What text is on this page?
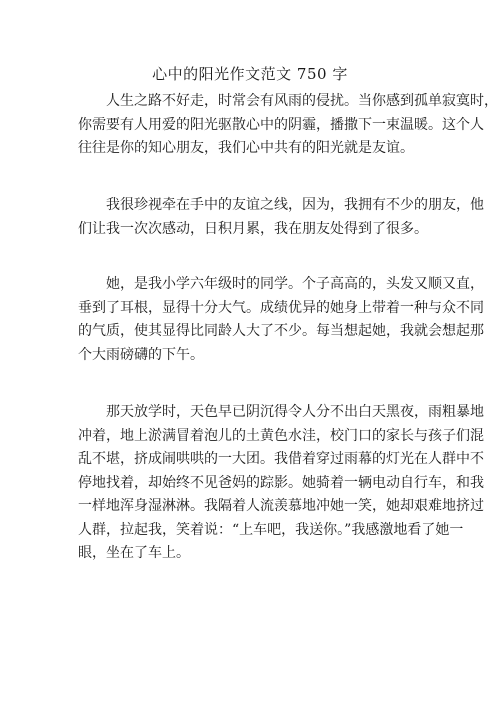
心中的阳光作文范文 750 字
人生之路不好走，时常会有风雨的侵扰。当你感到孤单寂寞时，
你需要有人用爱的阳光驱散心中的阴霾，播撒下一束温暖。这个人
往往是你的知心朋友，我们心中共有的阳光就是友谊。
我很珍视牵在手中的友谊之线，因为，我拥有不少的朋友，他
们让我一次次感动，日积月累，我在朋友处得到了很多。
她，是我小学六年级时的同学。个子高高的，头发又顺又直，
垂到了耳根，显得十分大气。成绩优异的她身上带着一种与众不同
的气质，使其显得比同龄人大了不少。每当想起她，我就会想起那
个大雨磅礴的下午。
那天放学时，天色早已阴沉得令人分不出白天黑夜，雨粗暴地
冲着，地上淤满冒着泡儿的土黄色水洼，校门口的家长与孩子们混
乱不堪，挤成闹哄哄的一大团。我借着穿过雨幕的灯光在人群中不
停地找着，却始终不见爸妈的踪影。她骑着一辆电动自行车，和我
一样地浑身湿淋淋。我隔着人流羡慕地冲她一笑，她却艰难地挤过
人群，拉起我，笑着说：“上车吧，我送你。”我感激地看了她一
眼，坐在了车上。
